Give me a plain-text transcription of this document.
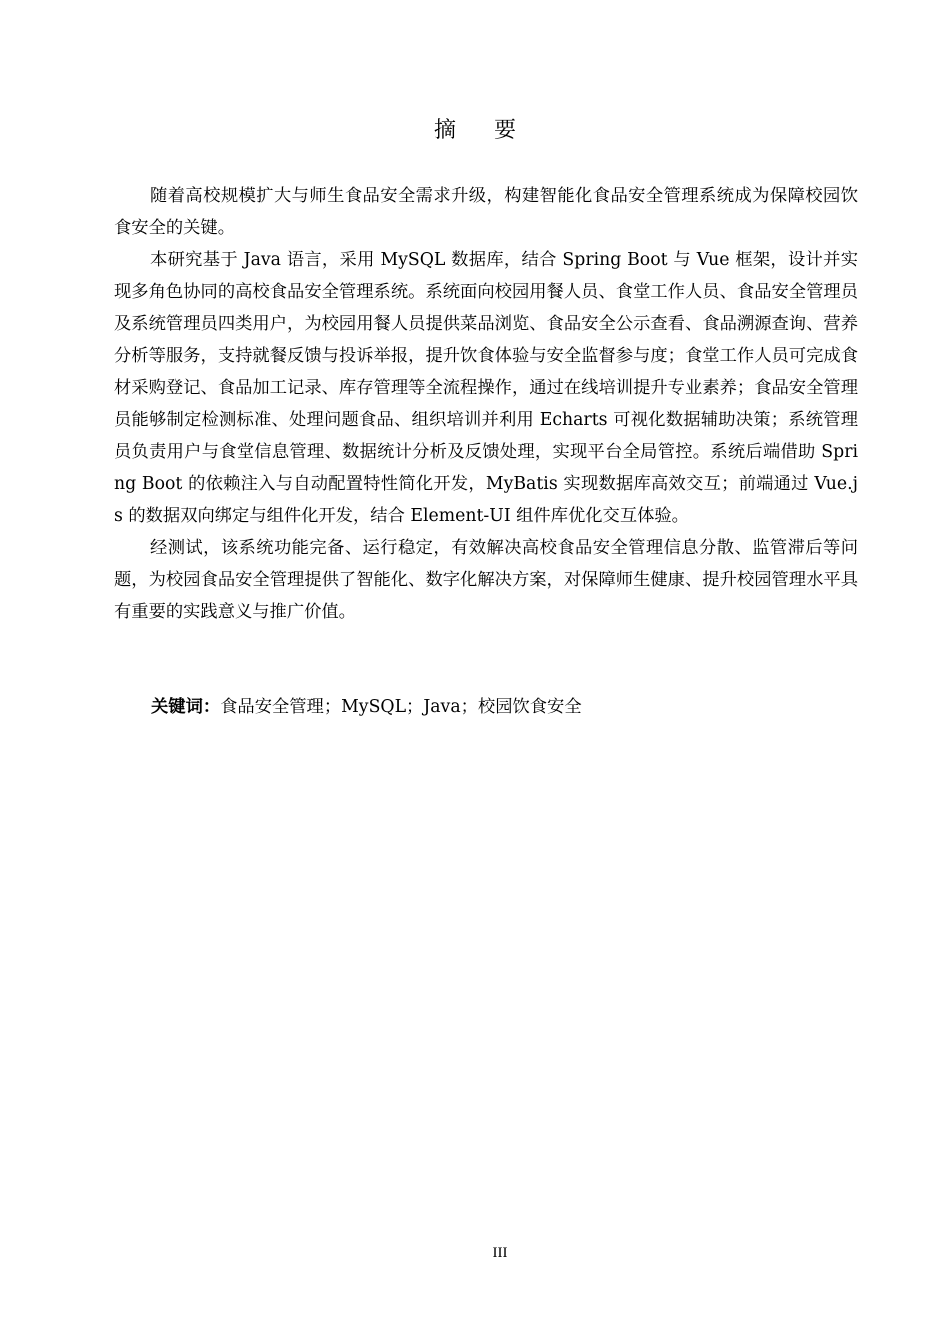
摘要

随着高校规模扩大与师生食品安全需求升级，构建智能化食品安全管理系统成为保障校园饮食安全的关键。

本研究基于 Java 语言，采用 MySQL 数据库，结合 Spring Boot 与 Vue 框架，设计并实现多角色协同的高校食品安全管理系统。系统面向校园用餐人员、食堂工作人员、食品安全管理员及系统管理员四类用户，为校园用餐人员提供菜品浏览、食品安全公示查看、食品溯源查询、营养分析等服务，支持就餐反馈与投诉举报，提升饮食体验与安全监督参与度；食堂工作人员可完成食材采购登记、食品加工记录、库存管理等全流程操作，通过在线培训提升专业素养；食品安全管理员能够制定检测标准、处理问题食品、组织培训并利用 Echarts 可视化数据辅助决策；系统管理员负责用户与食堂信息管理、数据统计分析及反馈处理，实现平台全局管控。系统后端借助 Spring Boot 的依赖注入与自动配置特性简化开发，MyBatis 实现数据库高效交互；前端通过 Vue.js 的数据双向绑定与组件化开发，结合 Element-UI 组件库优化交互体验。

经测试，该系统功能完备、运行稳定，有效解决高校食品安全管理信息分散、监管滞后等问题，为校园食品安全管理提供了智能化、数字化解决方案，对保障师生健康、提升校园管理水平具有重要的实践意义与推广价值。

关键词：食品安全管理；MySQL；Java；校园饮食安全
III
